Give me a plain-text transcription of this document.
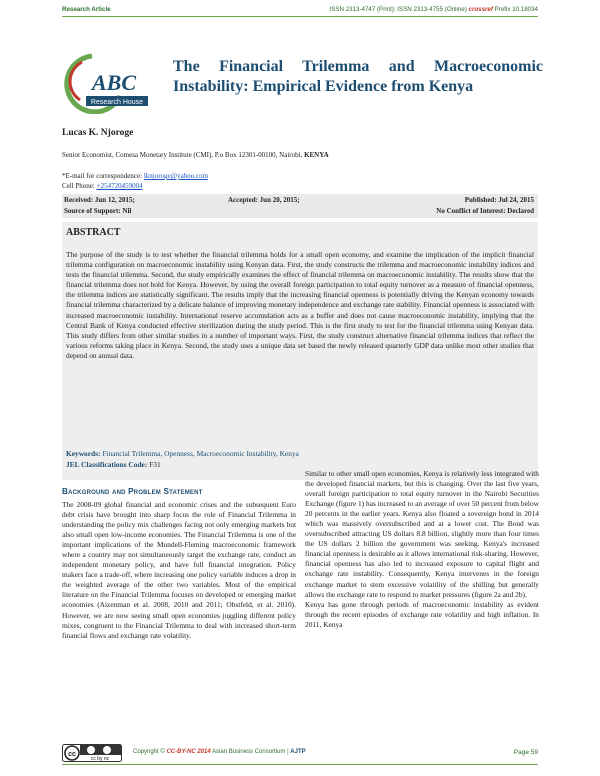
Research Article	ISSN 2313-4747 (Print); ISSN 2313-4755 (Online) crossref Prefix 10.18034
ABC
Research House
The Financial Trilemma and Macroeconomic Instability: Empirical Evidence from Kenya
Lucas K. Njoroge
Senior Economist, Comesa Monetary Institute (CMI), P.o Box 12301-00100, Nairobi, KENYA
*E-mail for correspondence: lknjoroge@yahoo.com
Cell Phone: +254720459004
Received: Jun 12, 2015;	Accepted: Jun 20, 2015;	Published: Jul 24, 2015
Source of Support: Nil	No Conflict of Interest: Declared
ABSTRACT
The purpose of the study is to test whether the financial trilemma holds for a small open economy, and examine the implication of the implicit financial trilemma configuration on macroeconomic instability using Kenyan data. First, the study constructs the trilemma and macroeconomic instability indices and tests the financial trilemma. Second, the study empirically examines the effect of financial trilemma on macroeconomic instability. The results show that the financial trilemma does not hold for Kenya. However, by using the overall foreign participation to total equity turnover as a measure of financial openness, the trilemma indices are statistically significant. The results imply that the increasing financial openness is potentially driving the Kenyan economy towards financial trilemma characterized by a delicate balance of improving monetary independence and exchange rate stability. Financial openness is associated with increased macroeconomic instability. International reserve accumulation acts as a buffer and does not cause macroeconomic instability, implying that the Central Bank of Kenya conducted effective sterilization during the study period. This is the first study to test for the financial trilemma using Kenyan data. This study differs from other similar studies in a number of important ways. First, the study construct alternative financial trilemma indices that reflect the various reforms taking place in Kenya. Second, the study uses a unique data set based the newly released quarterly GDP data unlike most other studies that depend on annual data.
Keywords: Financial Trilemma, Openness, Macroeconomic Instability, Kenya
JEL Classifications Code: F31
Background and Problem Statement

The 2008-09 global financial and economic crises and the subsequent Euro debt crisis have brought into sharp focus the role of Financial Trilemma in understanding the policy mix challenges facing not only emerging markets but also small open low-income economies. The Financial Trilemma is one of the important implications of the Mundell-Fleming macroeconomic framework where a country may not simultaneously target the exchange rate, conduct an independent monetary policy, and have full financial integration. Policy makers face a trade-off, where increasing one policy variable induces a drop in the weighted average of the other two variables. Most of the empirical literature on the Financial Trilemma focuses on developed or emerging market economies (Aizenman et al. 2008, 2010 and 2011; Obstfeld, et al. 2010). However, we are now seeing small open economies juggling different policy mixes, congruent to the Financial Trilemma to deal with increased short-term financial flows and exchange rate volatility.

Similar to other small open economies, Kenya is relatively less integrated with the developed financial markets, but this is changing. Over the last five years, overall foreign participation to total equity turnover in the Nairobi Securities Exchange (figure 1) has increased to an average of over 50 percent from below 20 percents in the earlier years. Kenya also floated a sovereign bond in 2014 which was massively oversubscribed and at a lower cost. The Bond was oversubscribed attracting US dollars 8.8 billion, slightly more than four times the US dollars 2 billion the government was seeking. Kenya's increased financial openness is desirable as it allows international risk-sharing. However, financial openness has also led to increased exposure to capital flight and exchange rate instability. Consequently, Kenya intervenes in the foreign exchange market to stem excessive volatility of the shilling but generally allows the exchange rate to respond to market pressures (figure 2a and 2b).

Kenya has gone through periods of macroeconomic instability as evident through the recent episodes of exchange rate volatility and high inflation. In 2011, Kenya

cc
cc by nc
Copyright © CC-BY-NC 2014 Asian Business Consortium | AJTP	Page 59
